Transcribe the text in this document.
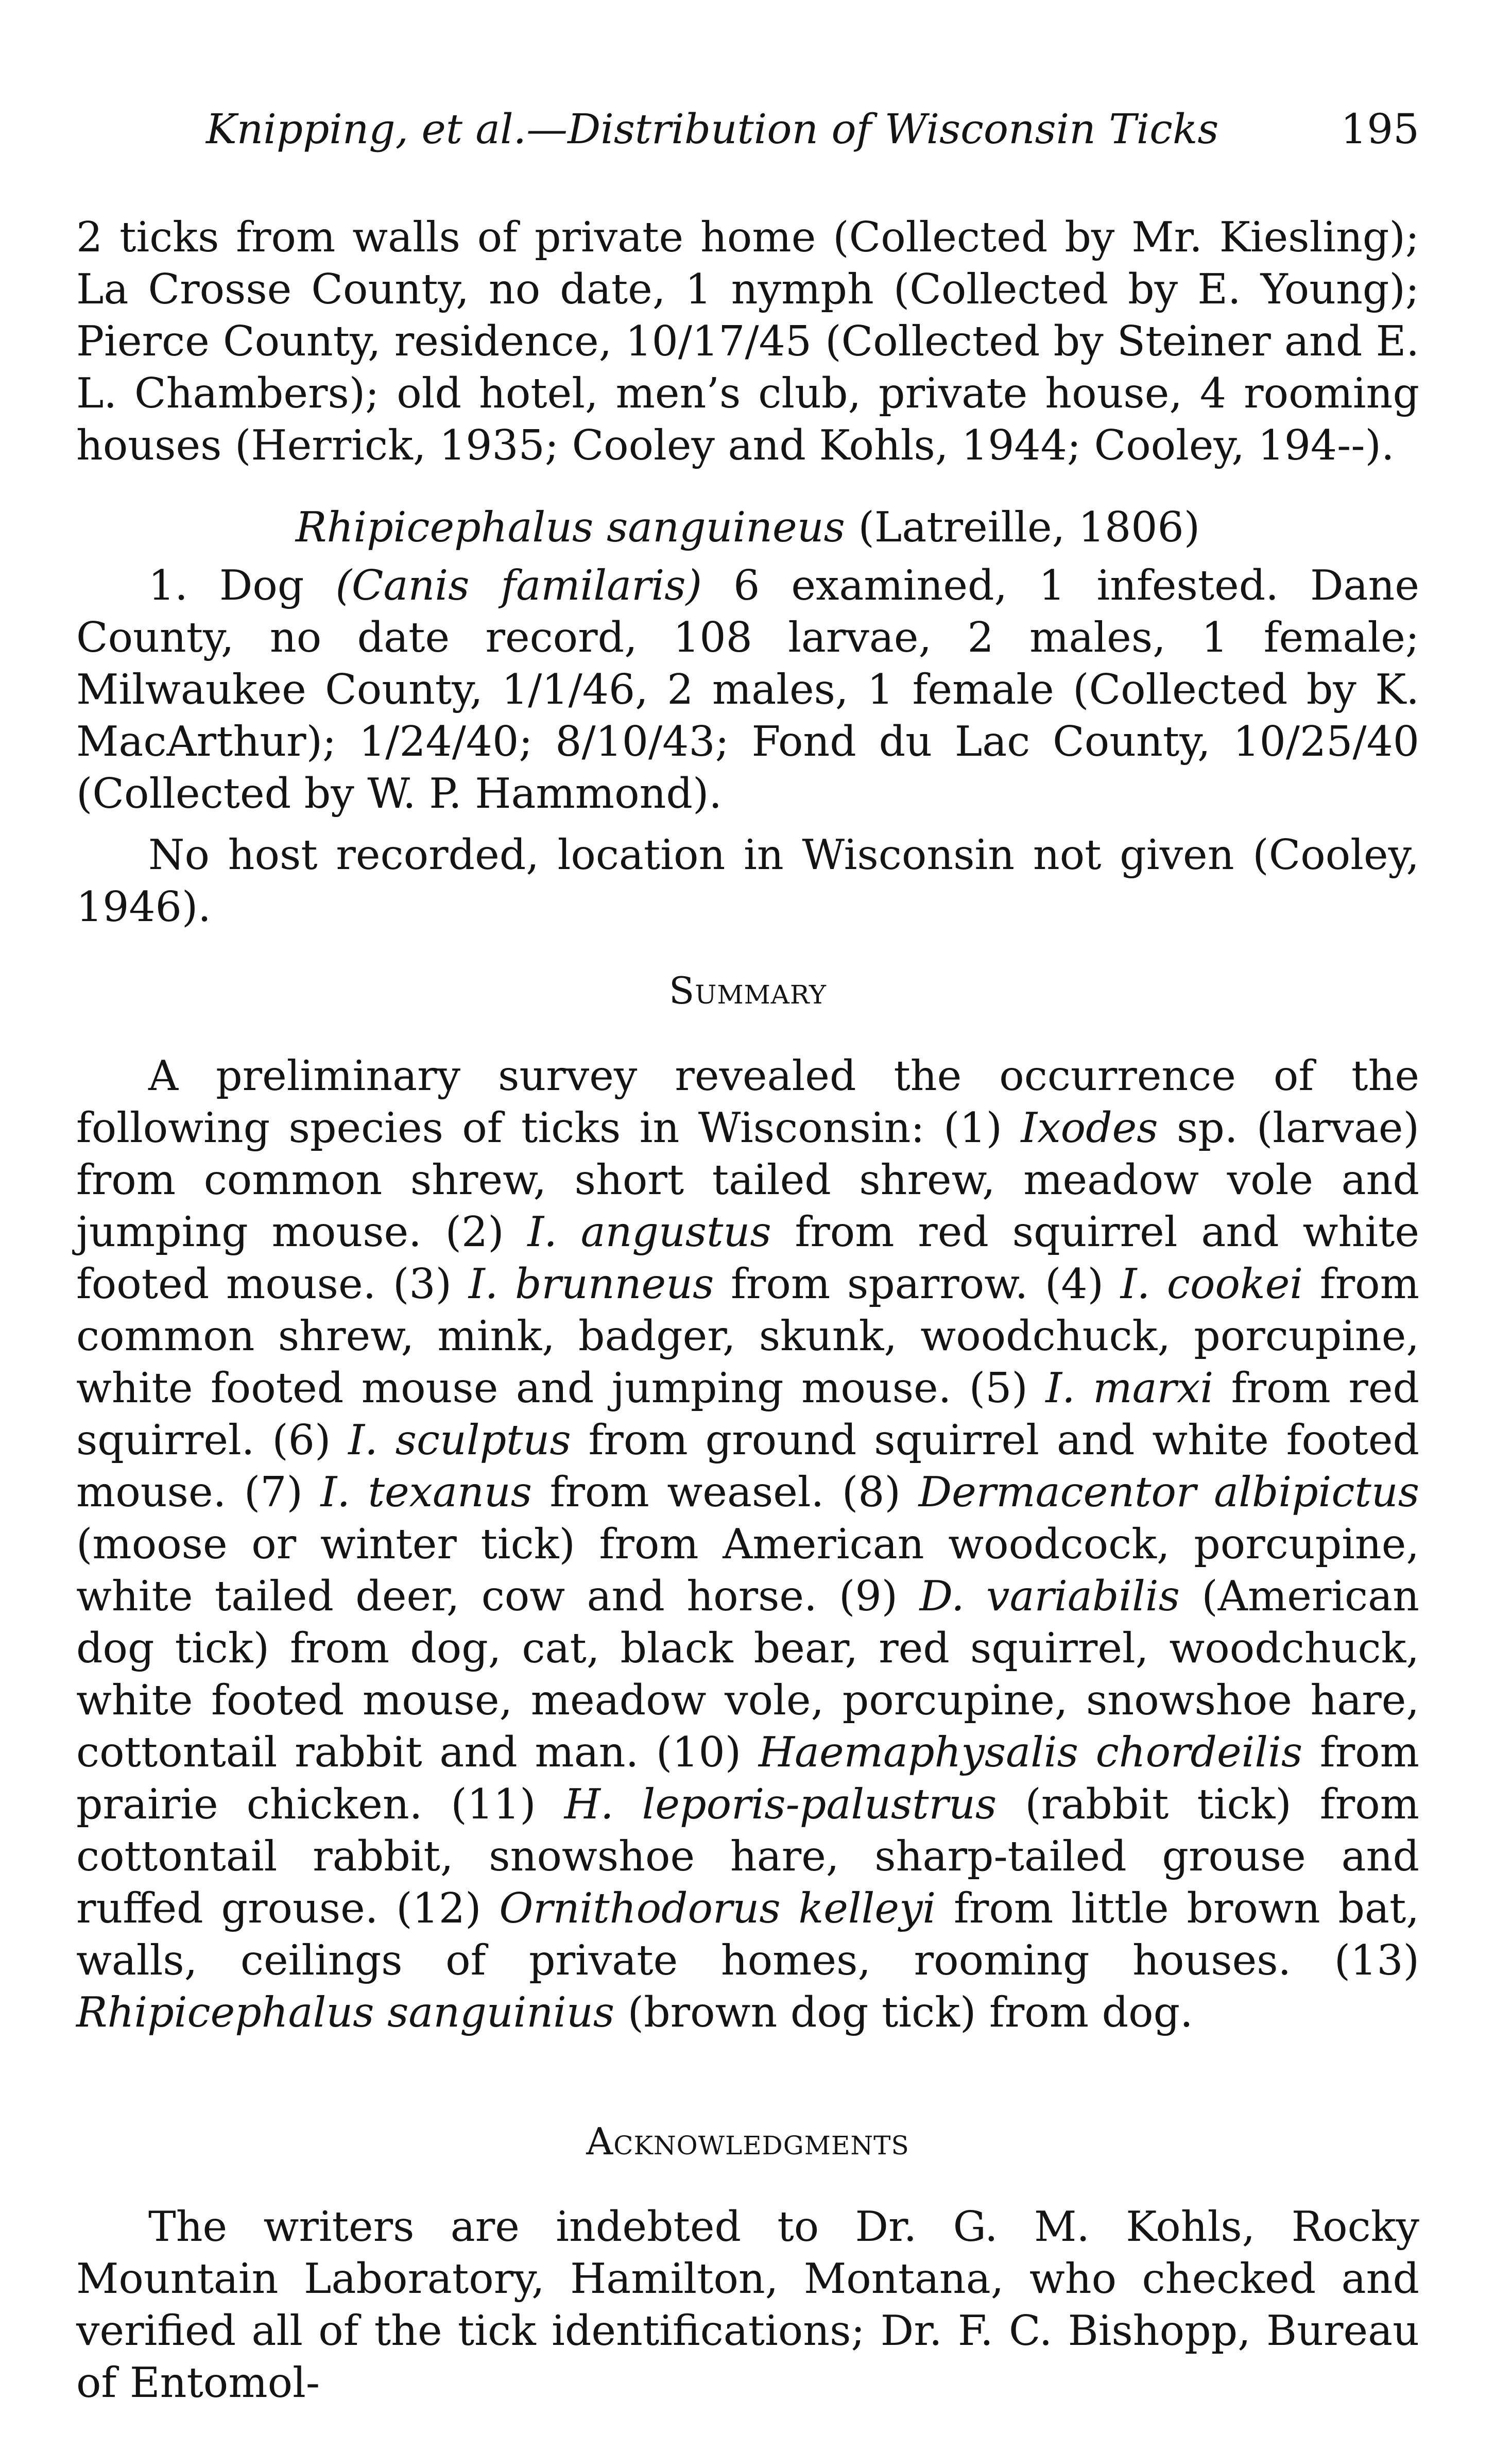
Knipping, et al.—Distribution of Wisconsin Ticks	195

2 ticks from walls of private home (Collected by Mr. Kiesling); La Crosse County, no date, 1 nymph (Collected by E. Young); Pierce County, residence, 10/17/45 (Collected by Steiner and E. L. Chambers); old hotel, men’s club, private house, 4 rooming houses (Herrick, 1935; Cooley and Kohls, 1944; Cooley, 194--).

Rhipicephalus sanguineus (Latreille, 1806)

1. Dog (Canis familaris) 6 examined, 1 infested. Dane County, no date record, 108 larvae, 2 males, 1 female; Milwaukee County, 1/1/46, 2 males, 1 female (Collected by K. MacArthur); 1/24/40; 8/10/43; Fond du Lac County, 10/25/40 (Collected by W. P. Hammond).

No host recorded, location in Wisconsin not given (Cooley, 1946).

Summary

A preliminary survey revealed the occurrence of the following species of ticks in Wisconsin: (1) Ixodes sp. (larvae) from common shrew, short tailed shrew, meadow vole and jumping mouse. (2) I. angustus from red squirrel and white footed mouse. (3) I. brunneus from sparrow. (4) I. cookei from common shrew, mink, badger, skunk, woodchuck, porcupine, white footed mouse and jumping mouse. (5) I. marxi from red squirrel. (6) I. sculptus from ground squirrel and white footed mouse. (7) I. texanus from weasel. (8) Dermacentor albipictus (moose or winter tick) from American woodcock, porcupine, white tailed deer, cow and horse. (9) D. variabilis (American dog tick) from dog, cat, black bear, red squirrel, woodchuck, white footed mouse, meadow vole, porcupine, snowshoe hare, cottontail rabbit and man. (10) Haemaphysalis chordeilis from prairie chicken. (11) H. leporis-palustrus (rabbit tick) from cottontail rabbit, snowshoe hare, sharp-tailed grouse and ruffed grouse. (12) Ornithodorus kelleyi from little brown bat, walls, ceilings of private homes, rooming houses. (13) Rhipicephalus sanguinius (brown dog tick) from dog.

Acknowledgments

The writers are indebted to Dr. G. M. Kohls, Rocky Mountain Laboratory, Hamilton, Montana, who checked and verified all of the tick identifications; Dr. F. C. Bishopp, Bureau of Entomol-
